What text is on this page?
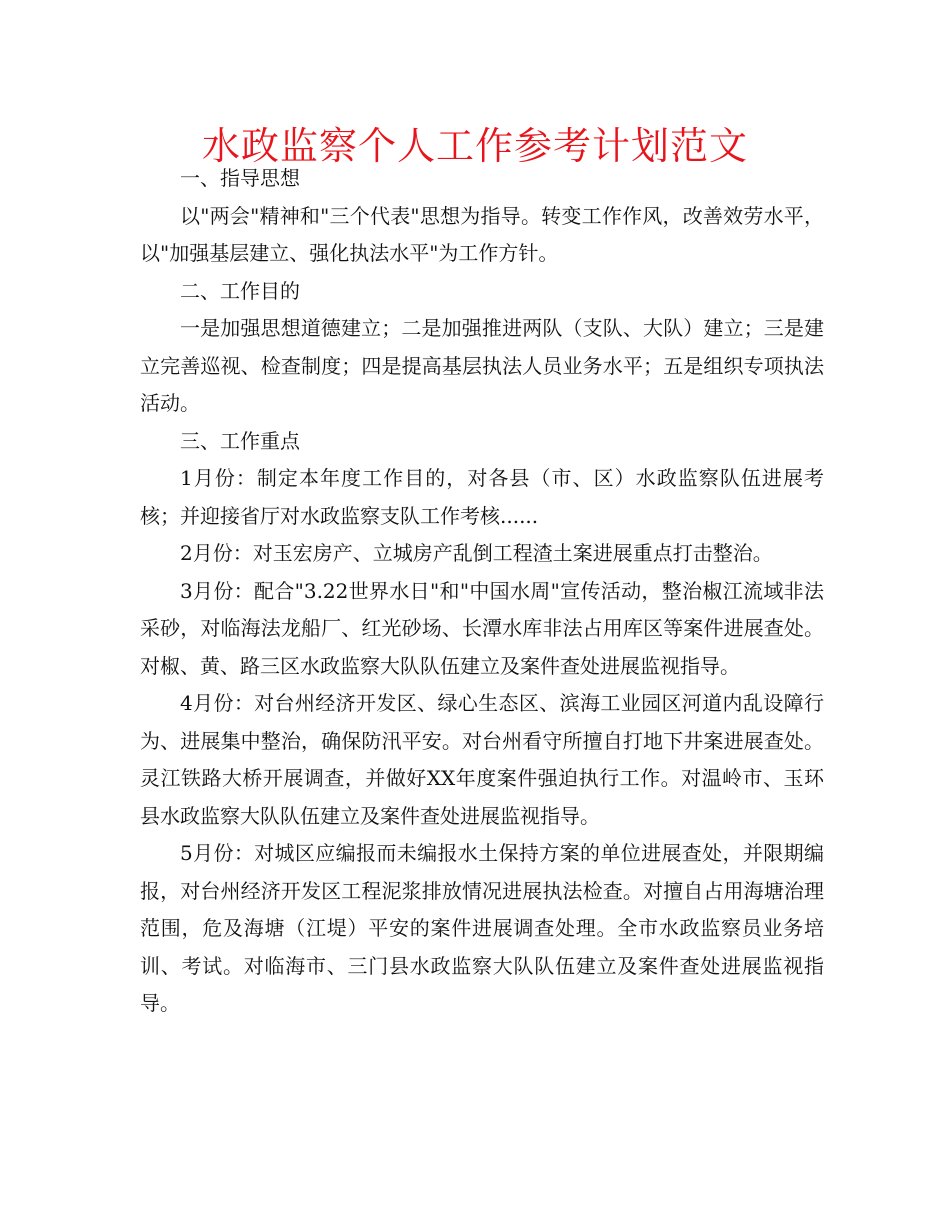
水政监察个人工作参考计划范文

一、指导思想

以"两会"精神和"三个代表"思想为指导。转变工作作风，改善效劳水平，以"加强基层建立、强化执法水平"为工作方针。

二、工作目的

一是加强思想道德建立；二是加强推进两队（支队、大队）建立；三是建立完善巡视、检查制度；四是提高基层执法人员业务水平；五是组织专项执法活动。

三、工作重点

1月份：制定本年度工作目的，对各县（市、区）水政监察队伍进展考核；并迎接省厅对水政监察支队工作考核......

2月份：对玉宏房产、立城房产乱倒工程渣土案进展重点打击整治。

3月份：配合"3.22世界水日"和"中国水周"宣传活动，整治椒江流域非法采砂，对临海法龙船厂、红光砂场、长潭水库非法占用库区等案件进展查处。对椒、黄、路三区水政监察大队队伍建立及案件查处进展监视指导。

4月份：对台州经济开发区、绿心生态区、滨海工业园区河道内乱设障行为、进展集中整治，确保防汛平安。对台州看守所擅自打地下井案进展查处。灵江铁路大桥开展调查，并做好XX年度案件强迫执行工作。对温岭市、玉环县水政监察大队队伍建立及案件查处进展监视指导。

5月份：对城区应编报而未编报水土保持方案的单位进展查处，并限期编报，对台州经济开发区工程泥浆排放情况进展执法检查。对擅自占用海塘治理范围，危及海塘（江堤）平安的案件进展调查处理。全市水政监察员业务培训、考试。对临海市、三门县水政监察大队队伍建立及案件查处进展监视指导。
